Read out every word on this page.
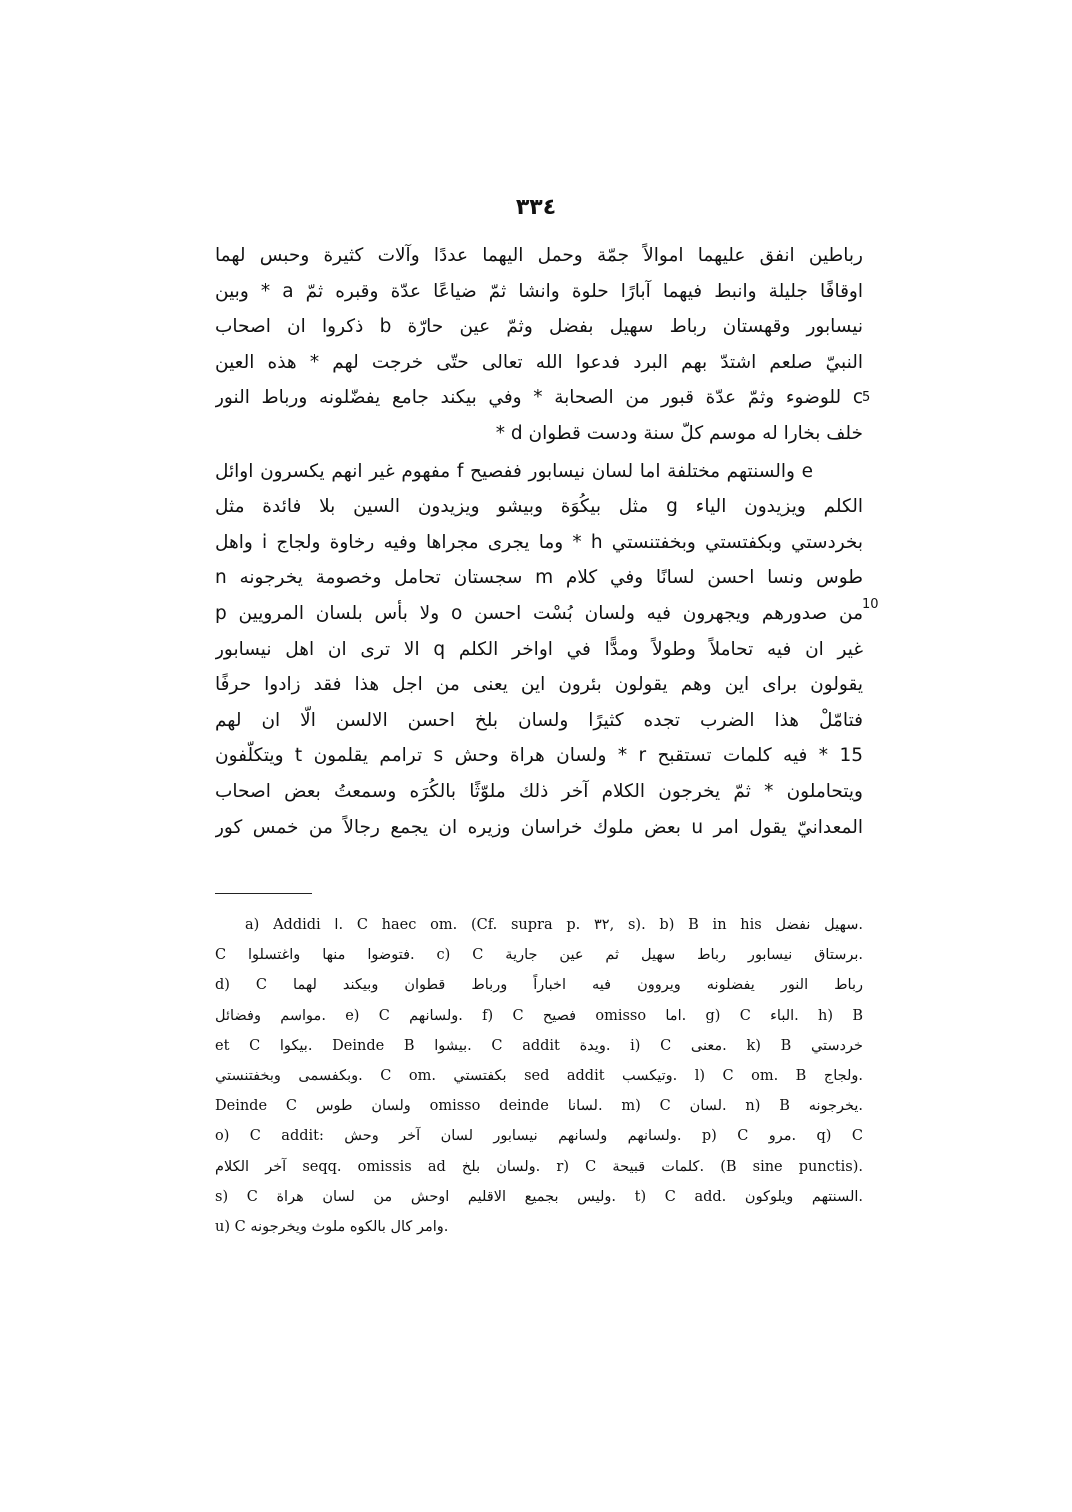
٣٣٤
رباطين انفق عليهما اموالاً جمّة وحمل اليهما عددًا وآلات كثيرة وحبس لهما
اوقافًا جليلة وانبط فيهما آبارًا حلوة وانشا ثمّ ضياعًا عدّة وقبره ثمّ a * وبين
نيسابور وقهستان رباط سهيل بفضل وثمّ عين حارّة b ذكروا ان اصحاب
النبيّ صلعم اشتدّ بهم البرد فدعوا الله تعالى حتّى خرجت لهم * هذه العين
c للوضوء وثمّ عدّة قبور من الصحابة * وفي بيكند جامع يفضّلونه ورباط النور
خلف بخارا له موسم كلّ سنة ودست قطوان d *
e والسنتهم مختلفة اما لسان نيسابور ففصيح f مفهوم غير انهم يكسرون اوائل
الكلم ويزيدون الياء g مثل بيكُوَة وبيشو ويزيدون السين بلا فائدة مثل
بخردستي وبكفتستي وبخفتنستي h * وما يجرى مجراها وفيه رخاوة ولجاج i واهل
طوس ونسا احسن لسانًا وفي كلام m سجستان تحامل وخصومة يخرجونه n
من صدورهم ويجهرون فيه ولسان بُسْت احسن o ولا بأس بلسان المرويين p
غير ان فيه تحاملاً وطولاً ومدًّا في اواخر الكلم q الا ترى ان اهل نيسابور
يقولون براى اين وهم يقولون بئرون اين يعنى من اجل هذا فقد زادوا حرفًا
فتامّلْ هذا الضرب تجده كثيرًا ولسان بلخ احسن الالسن الّا ان لهم
15 * فيه كلمات تستقبح r * ولسان هراة وحش s ترامم يقلمون t ويتكلّفون
ويتحاملون * ثمّ يخرجون الكلام آخر ذلك ملوّثًا بالكُرَه وسمعتُ بعض اصحاب
المعدانيّ يقول امر u بعض ملوك خراسان وزيره ان يجمع رجالاً من خمس كور
5
10
a) Addidi ﺍ. C haec om. (Cf. supra p. ٣٢, s). b) B in his سهيل نفضل.
C فتوضوا منها واغتسلوا. c) C برستاق نيسابور رباط سهيل ثم عين جارية.
d) C رباط النور يفضلونه ويروون فيه اخباراً ورباط قطوان وبيكند لهما
مواسم وفضائل. e) C ولسانهم. f) C فصيح omisso اما. g) C الباء. h) B
et C بيكوا. Deinde B بيشوا. C addit ويدة. i) C معنى. k) B خردستي
وبكفسمى وبخفتنستي. C om. بكفتستي sed addit وتيكسب. l) C om. B ولجاج.
Deinde C ولسان طوس omisso deinde لسانا. m) C لسان. n) B يخرجونه.
o) C addit: ولسانهم ولسانهم نيسابور لسان آخر وحش. p) C مرو. q) C
آخر الكلام seqq. omissis ad ولسان بلخ. r) C كلمات قبيحة. (B sine punctis).
s) C وليس بجميع الاقليم اوحش من لسان هراة. t) C add. السنتهم ويلوكون.
u) C وامر كال بالكوه ملوث ويخرجونه.
